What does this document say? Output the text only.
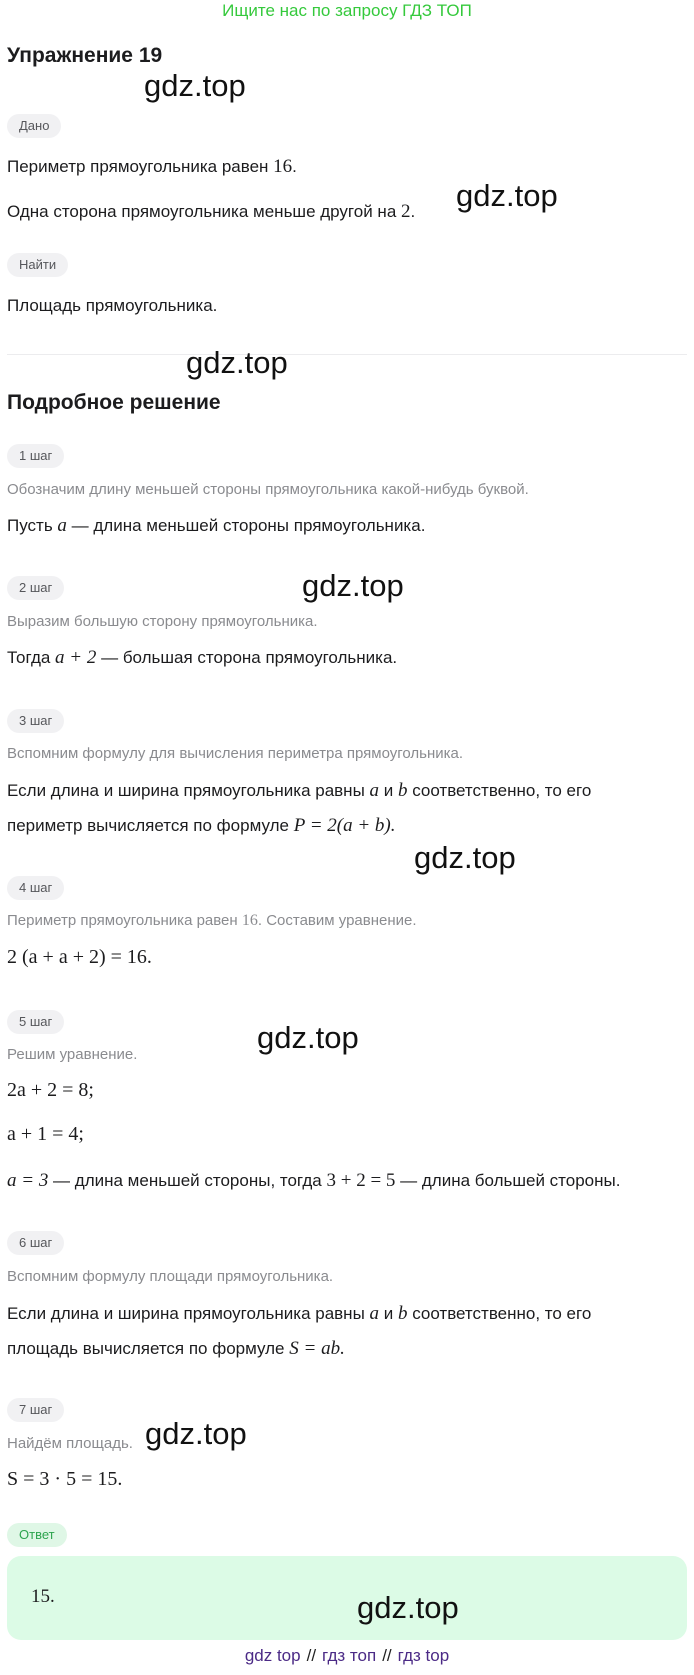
Ищите нас по запросу ГДЗ ТОП
Упражнение 19
gdz.top
Дано
Периметр прямоугольника равен 16.
Одна сторона прямоугольника меньше другой на 2. gdz.top
Найти
Площадь прямоугольника.
gdz.top
Подробное решение
1 шаг
Обозначим длину меньшей стороны прямоугольника какой-нибудь буквой.
Пусть a — длина меньшей стороны прямоугольника.
2 шаг	gdz.top
Выразим большую сторону прямоугольника.
Тогда a + 2 — большая сторона прямоугольника.
3 шаг
Вспомним формулу для вычисления периметра прямоугольника.
Если длина и ширина прямоугольника равны a и b соответственно, то его
периметр вычисляется по формуле P = 2(a + b).
gdz.top
4 шаг
Периметр прямоугольника равен 16. Составим уравнение.
2 (a + a + 2) = 16.
5 шаг	gdz.top
Решим уравнение.
2a + 2 = 8;
a + 1 = 4;
a = 3 — длина меньшей стороны, тогда 3 + 2 = 5 — длина большей стороны.
6 шаг
Вспомним формулу площади прямоугольника.
Если длина и ширина прямоугольника равны a и b соответственно, то его
площадь вычисляется по формуле S = ab.
7 шаг
Найдём площадь. gdz.top
S = 3 · 5 = 15.
Ответ
15.	gdz.top
gdz top // гдз топ // гдз top
